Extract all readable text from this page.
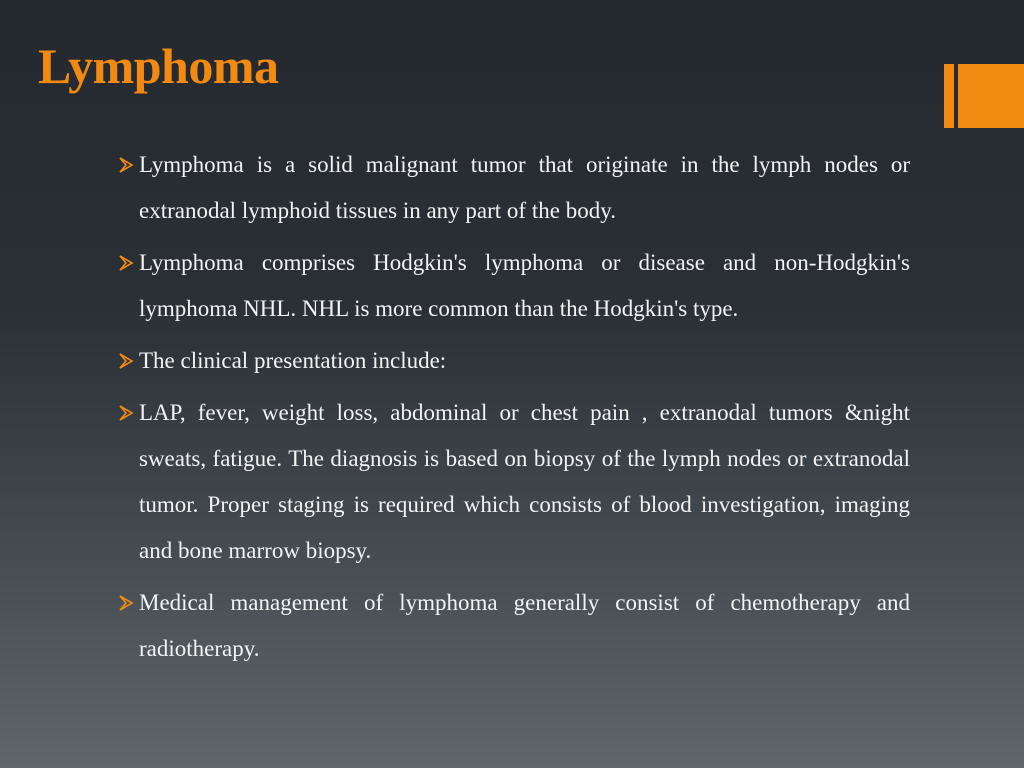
Lymphoma
Lymphoma is a solid malignant tumor that originate in the lymph nodes or extranodal lymphoid tissues in any part of the body.
Lymphoma comprises Hodgkin's lymphoma or disease and non-Hodgkin's lymphoma NHL. NHL is more common than the Hodgkin's type.
The clinical presentation include:
LAP, fever, weight loss, abdominal or chest pain , extranodal tumors &night sweats, fatigue. The diagnosis is based on biopsy of the lymph nodes or extranodal tumor. Proper staging is required which consists of blood investigation, imaging and bone marrow biopsy.
Medical management of lymphoma generally consist of chemotherapy and radiotherapy.
